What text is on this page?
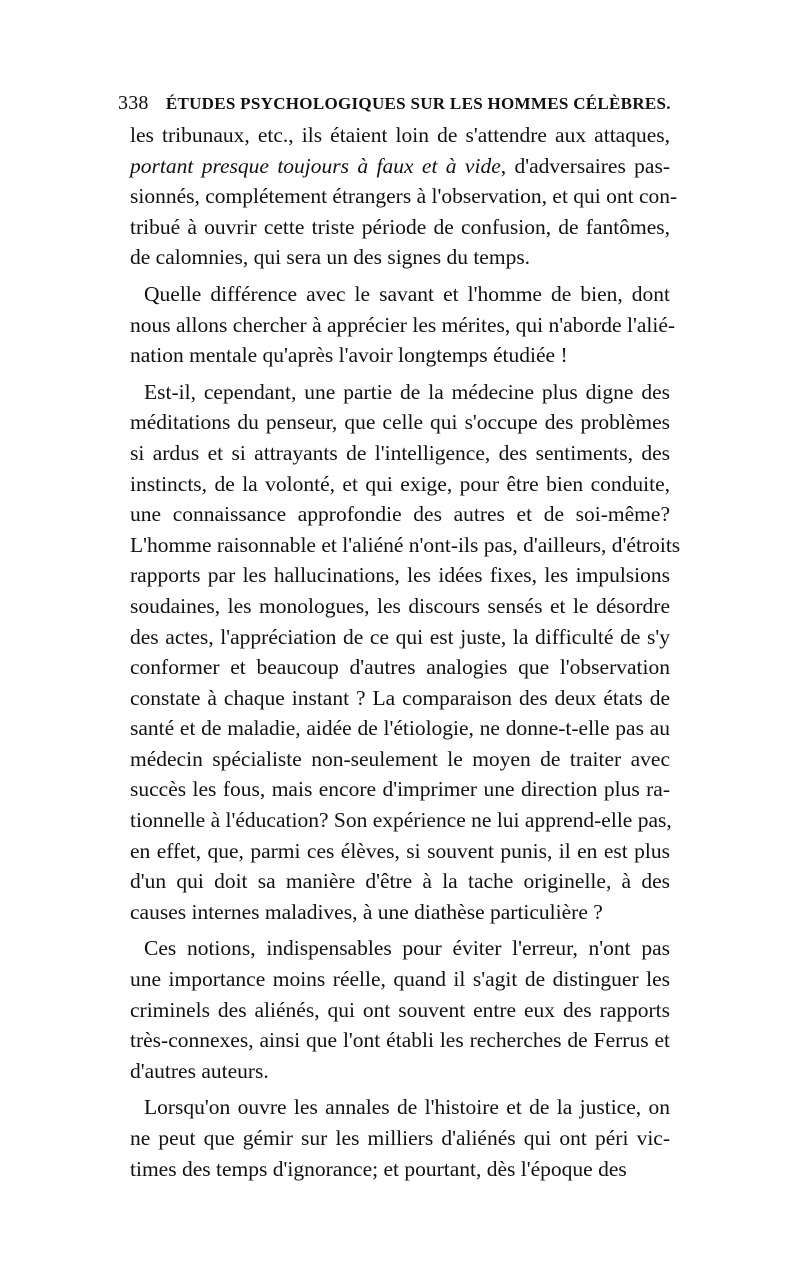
338 ÉTUDES PSYCHOLOGIQUES SUR LES HOMMES CÉLÈBRES.
les tribunaux, etc., ils étaient loin de s'attendre aux attaques,
portant presque toujours à faux et à vide, d'adversaires pas-
sionnés, complétement étrangers à l'observation, et qui ont con-
tribué à ouvrir cette triste période de confusion, de fantômes,
de calomnies, qui sera un des signes du temps.
Quelle différence avec le savant et l'homme de bien, dont
nous allons chercher à apprécier les mérites, qui n'aborde l'alié-
nation mentale qu'après l'avoir longtemps étudiée !
Est-il, cependant, une partie de la médecine plus digne des
méditations du penseur, que celle qui s'occupe des problèmes
si ardus et si attrayants de l'intelligence, des sentiments, des
instincts, de la volonté, et qui exige, pour être bien conduite,
une connaissance approfondie des autres et de soi-même?
L'homme raisonnable et l'aliéné n'ont-ils pas, d'ailleurs, d'étroits
rapports par les hallucinations, les idées fixes, les impulsions
soudaines, les monologues, les discours sensés et le désordre
des actes, l'appréciation de ce qui est juste, la difficulté de s'y
conformer et beaucoup d'autres analogies que l'observation
constate à chaque instant ? La comparaison des deux états de
santé et de maladie, aidée de l'étiologie, ne donne-t-elle pas au
médecin spécialiste non-seulement le moyen de traiter avec
succès les fous, mais encore d'imprimer une direction plus ra-
tionnelle à l'éducation? Son expérience ne lui apprend-elle pas,
en effet, que, parmi ces élèves, si souvent punis, il en est plus
d'un qui doit sa manière d'être à la tache originelle, à des
causes internes maladives, à une diathèse particulière ?
Ces notions, indispensables pour éviter l'erreur, n'ont pas
une importance moins réelle, quand il s'agit de distinguer les
criminels des aliénés, qui ont souvent entre eux des rapports
très-connexes, ainsi que l'ont établi les recherches de Ferrus et
d'autres auteurs.
Lorsqu'on ouvre les annales de l'histoire et de la justice, on
ne peut que gémir sur les milliers d'aliénés qui ont péri vic-
times des temps d'ignorance; et pourtant, dès l'époque des
